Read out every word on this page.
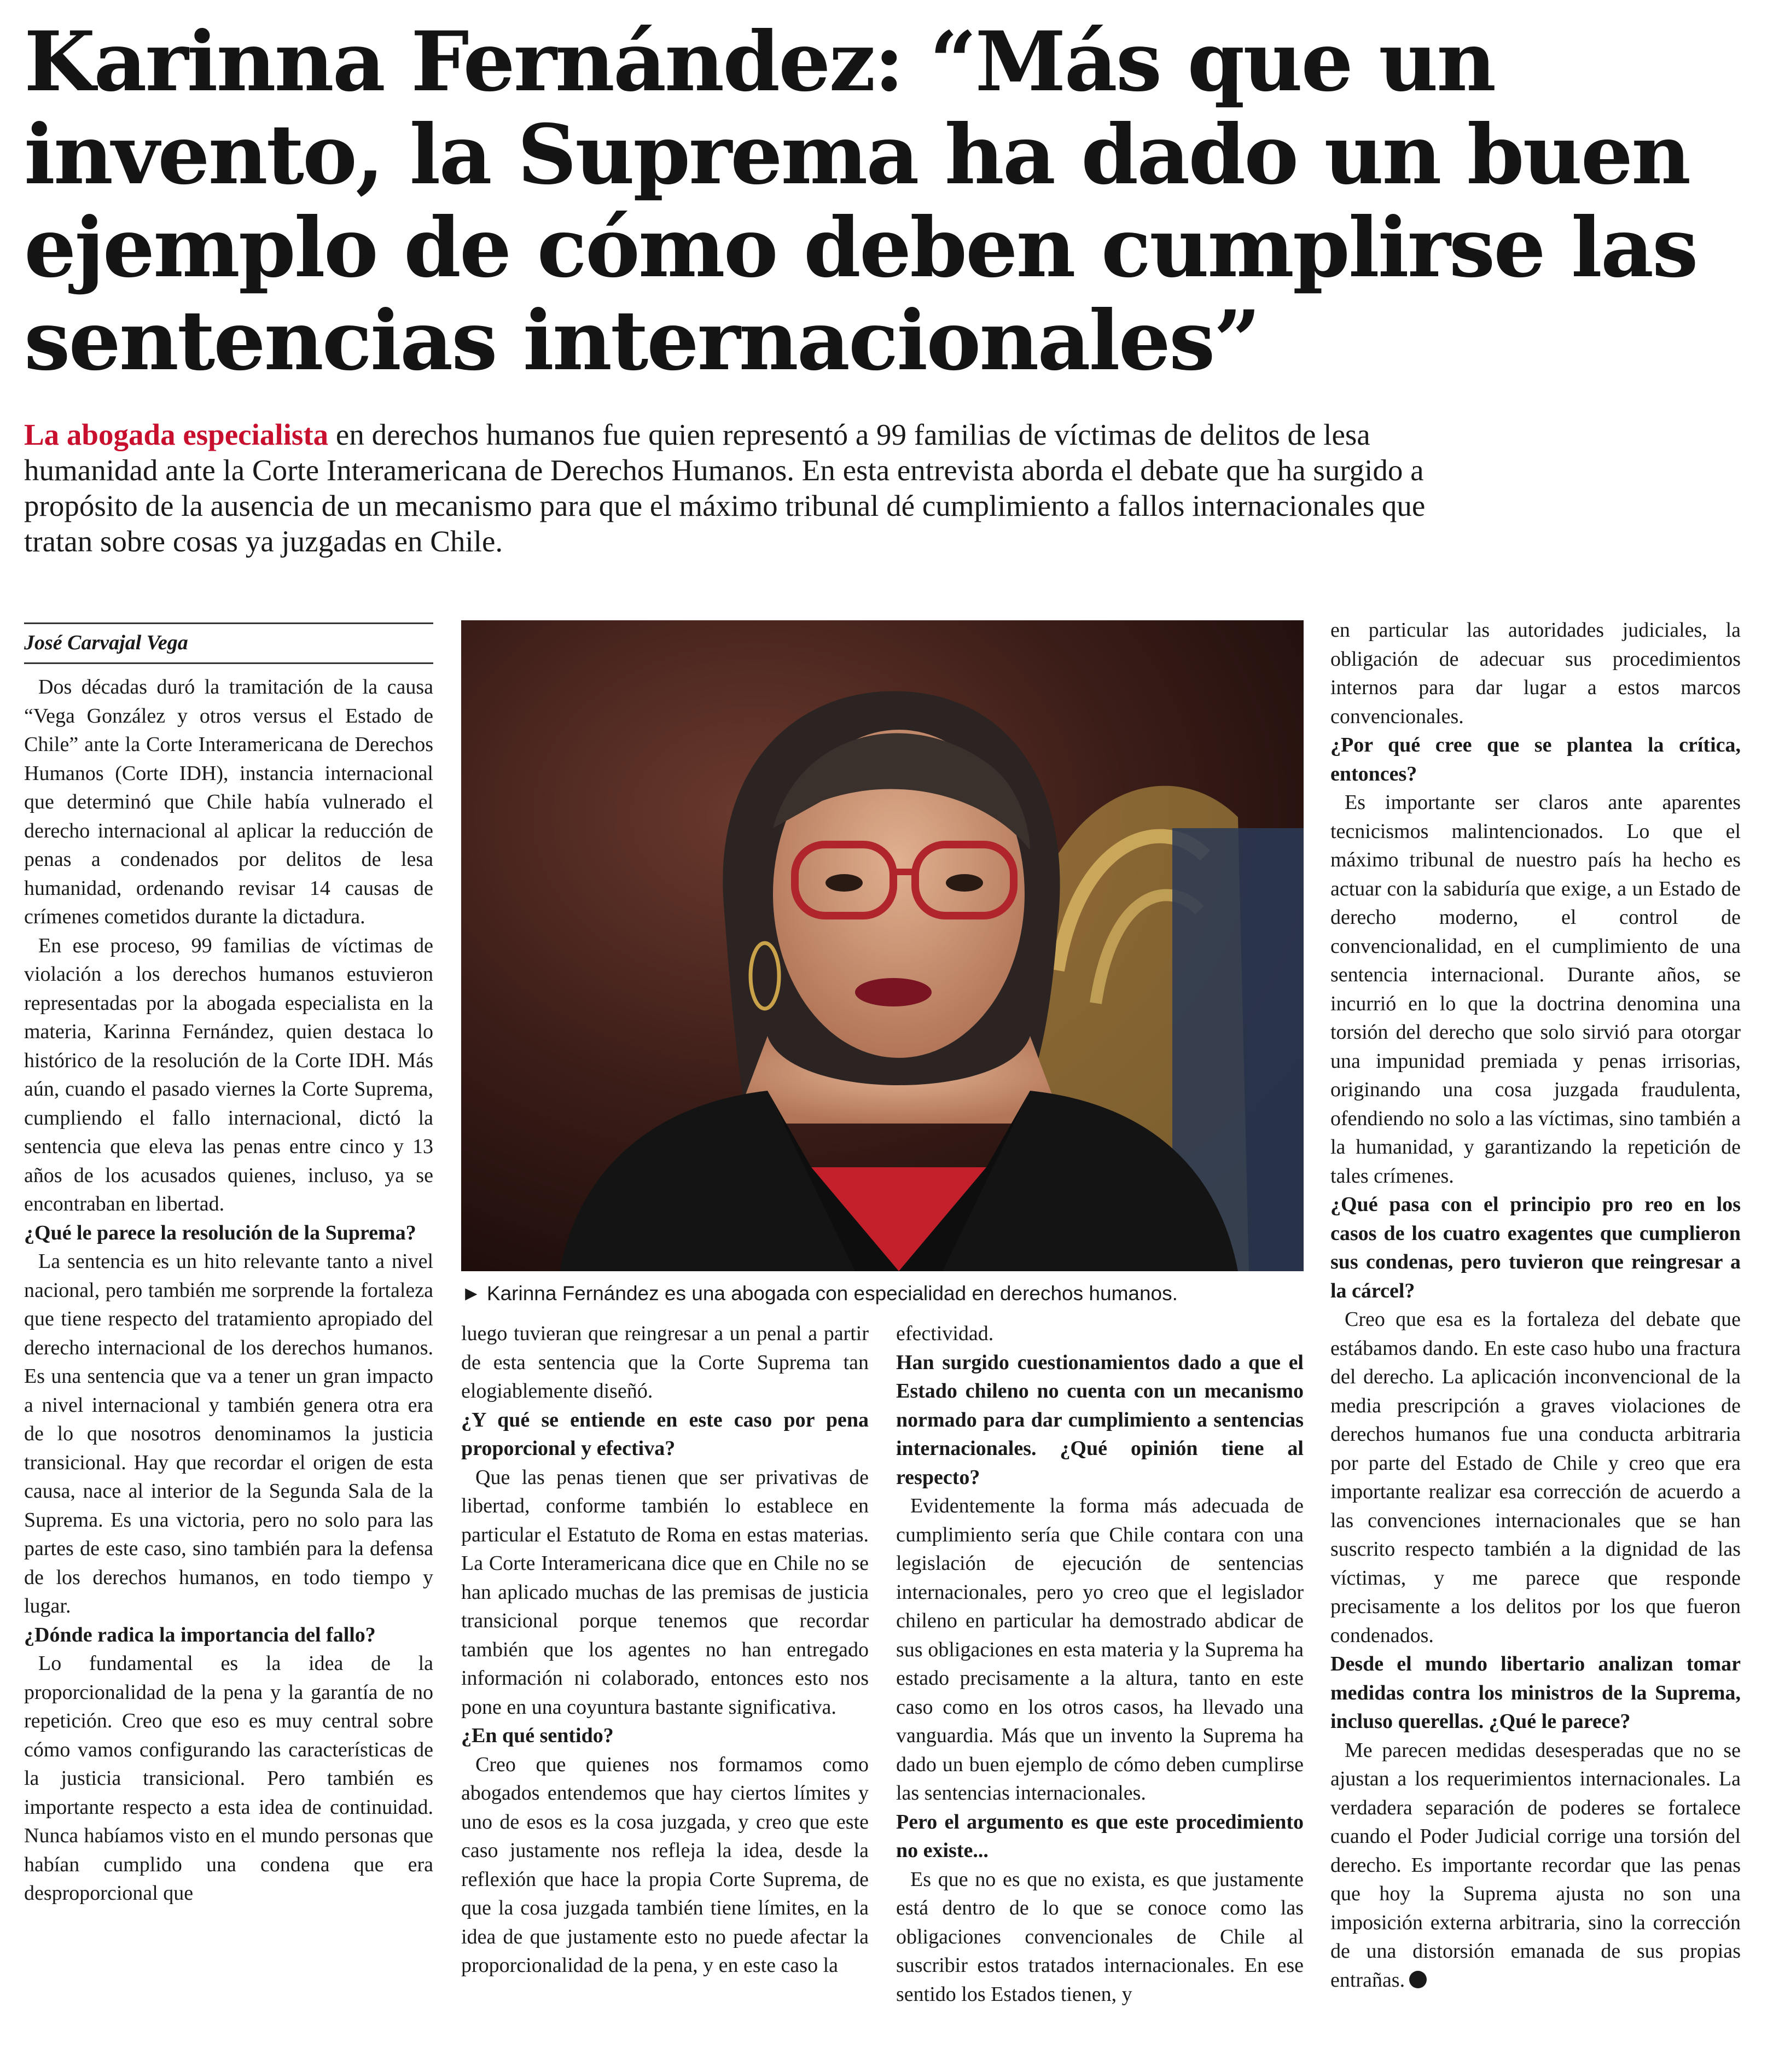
Karinna Fernández: “Más que un invento, la Suprema ha dado un buen ejemplo de cómo deben cumplirse las sentencias internacionales”

La abogada especialista en derechos humanos fue quien representó a 99 familias de víctimas de delitos de lesa humanidad ante la Corte Interamericana de Derechos Humanos. En esta entrevista aborda el debate que ha surgido a propósito de la ausencia de un mecanismo para que el máximo tribunal dé cumplimiento a fallos internacionales que tratan sobre cosas ya juzgadas en Chile.

José Carvajal Vega
► Karinna Fernández es una abogada con especialidad en derechos humanos.

Dos décadas duró la tramitación de la causa “Vega González y otros versus el Estado de Chile” ante la Corte Interamericana de Derechos Humanos (Corte IDH), instancia internacional que determinó que Chile había vulnerado el derecho internacional al aplicar la reducción de penas a condenados por delitos de lesa humanidad, ordenando revisar 14 causas de crímenes cometidos durante la dictadura.

En ese proceso, 99 familias de víctimas de violación a los derechos humanos estuvieron representadas por la abogada especialista en la materia, Karinna Fernández, quien destaca lo histórico de la resolución de la Corte IDH. Más aún, cuando el pasado viernes la Corte Suprema, cumpliendo el fallo internacional, dictó la sentencia que eleva las penas entre cinco y 13 años de los acusados quienes, incluso, ya se encontraban en libertad.

¿Qué le parece la resolución de la Suprema?

La sentencia es un hito relevante tanto a nivel nacional, pero también me sorprende la fortaleza que tiene respecto del tratamiento apropiado del derecho internacional de los derechos humanos. Es una sentencia que va a tener un gran impacto a nivel internacional y también genera otra era de lo que nosotros denominamos la justicia transicional. Hay que recordar el origen de esta causa, nace al interior de la Segunda Sala de la Suprema. Es una victoria, pero no solo para las partes de este caso, sino también para la defensa de los derechos humanos, en todo tiempo y lugar.

¿Dónde radica la importancia del fallo?

Lo fundamental es la idea de la proporcionalidad de la pena y la garantía de no repetición. Creo que eso es muy central sobre cómo vamos configurando las características de la justicia transicional. Pero también es importante respecto a esta idea de continuidad. Nunca habíamos visto en el mundo personas que habían cumplido una condena que era desproporcional que

luego tuvieran que reingresar a un penal a partir de esta sentencia que la Corte Suprema tan elogiablemente diseñó.

¿Y qué se entiende en este caso por pena proporcional y efectiva?

Que las penas tienen que ser privativas de libertad, conforme también lo establece en particular el Estatuto de Roma en estas materias. La Corte Interamericana dice que en Chile no se han aplicado muchas de las premisas de justicia transicional porque tenemos que recordar también que los agentes no han entregado información ni colaborado, entonces esto nos pone en una coyuntura bastante significativa.

¿En qué sentido?

Creo que quienes nos formamos como abogados entendemos que hay ciertos límites y uno de esos es la cosa juzgada, y creo que este caso justamente nos refleja la idea, desde la reflexión que hace la propia Corte Suprema, de que la cosa juzgada también tiene límites, en la idea de que justamente esto no puede afectar la proporcionalidad de la pena, y en este caso la

efectividad.

Han surgido cuestionamientos dado a que el Estado chileno no cuenta con un mecanismo normado para dar cumplimiento a sentencias internacionales. ¿Qué opinión tiene al respecto?

Evidentemente la forma más adecuada de cumplimiento sería que Chile contara con una legislación de ejecución de sentencias internacionales, pero yo creo que el legislador chileno en particular ha demostrado abdicar de sus obligaciones en esta materia y la Suprema ha estado precisamente a la altura, tanto en este caso como en los otros casos, ha llevado una vanguardia. Más que un invento la Suprema ha dado un buen ejemplo de cómo deben cumplirse las sentencias internacionales.

Pero el argumento es que este procedimiento no existe...

Es que no es que no exista, es que justamente está dentro de lo que se conoce como las obligaciones convencionales de Chile al suscribir estos tratados internacionales. En ese sentido los Estados tienen, y

en particular las autoridades judiciales, la obligación de adecuar sus procedimientos internos para dar lugar a estos marcos convencionales.

¿Por qué cree que se plantea la crítica, entonces?

Es importante ser claros ante aparentes tecnicismos malintencionados. Lo que el máximo tribunal de nuestro país ha hecho es actuar con la sabiduría que exige, a un Estado de derecho moderno, el control de convencionalidad, en el cumplimiento de una sentencia internacional. Durante años, se incurrió en lo que la doctrina denomina una torsión del derecho que solo sirvió para otorgar una impunidad premiada y penas irrisorias, originando una cosa juzgada fraudulenta, ofendiendo no solo a las víctimas, sino también a la humanidad, y garantizando la repetición de tales crímenes.

¿Qué pasa con el principio pro reo en los casos de los cuatro exagentes que cumplieron sus condenas, pero tuvieron que reingresar a la cárcel?

Creo que esa es la fortaleza del debate que estábamos dando. En este caso hubo una fractura del derecho. La aplicación inconvencional de la media prescripción a graves violaciones de derechos humanos fue una conducta arbitraria por parte del Estado de Chile y creo que era importante realizar esa corrección de acuerdo a las convenciones internacionales que se han suscrito respecto también a la dignidad de las víctimas, y me parece que responde precisamente a los delitos por los que fueron condenados.

Desde el mundo libertario analizan tomar medidas contra los ministros de la Suprema, incluso querellas. ¿Qué le parece?

Me parecen medidas desesperadas que no se ajustan a los requerimientos internacionales. La verdadera separación de poderes se fortalece cuando el Poder Judicial corrige una torsión del derecho. Es importante recordar que las penas que hoy la Suprema ajusta no son una imposición externa arbitraria, sino la corrección de una distorsión emanada de sus propias entrañas.
